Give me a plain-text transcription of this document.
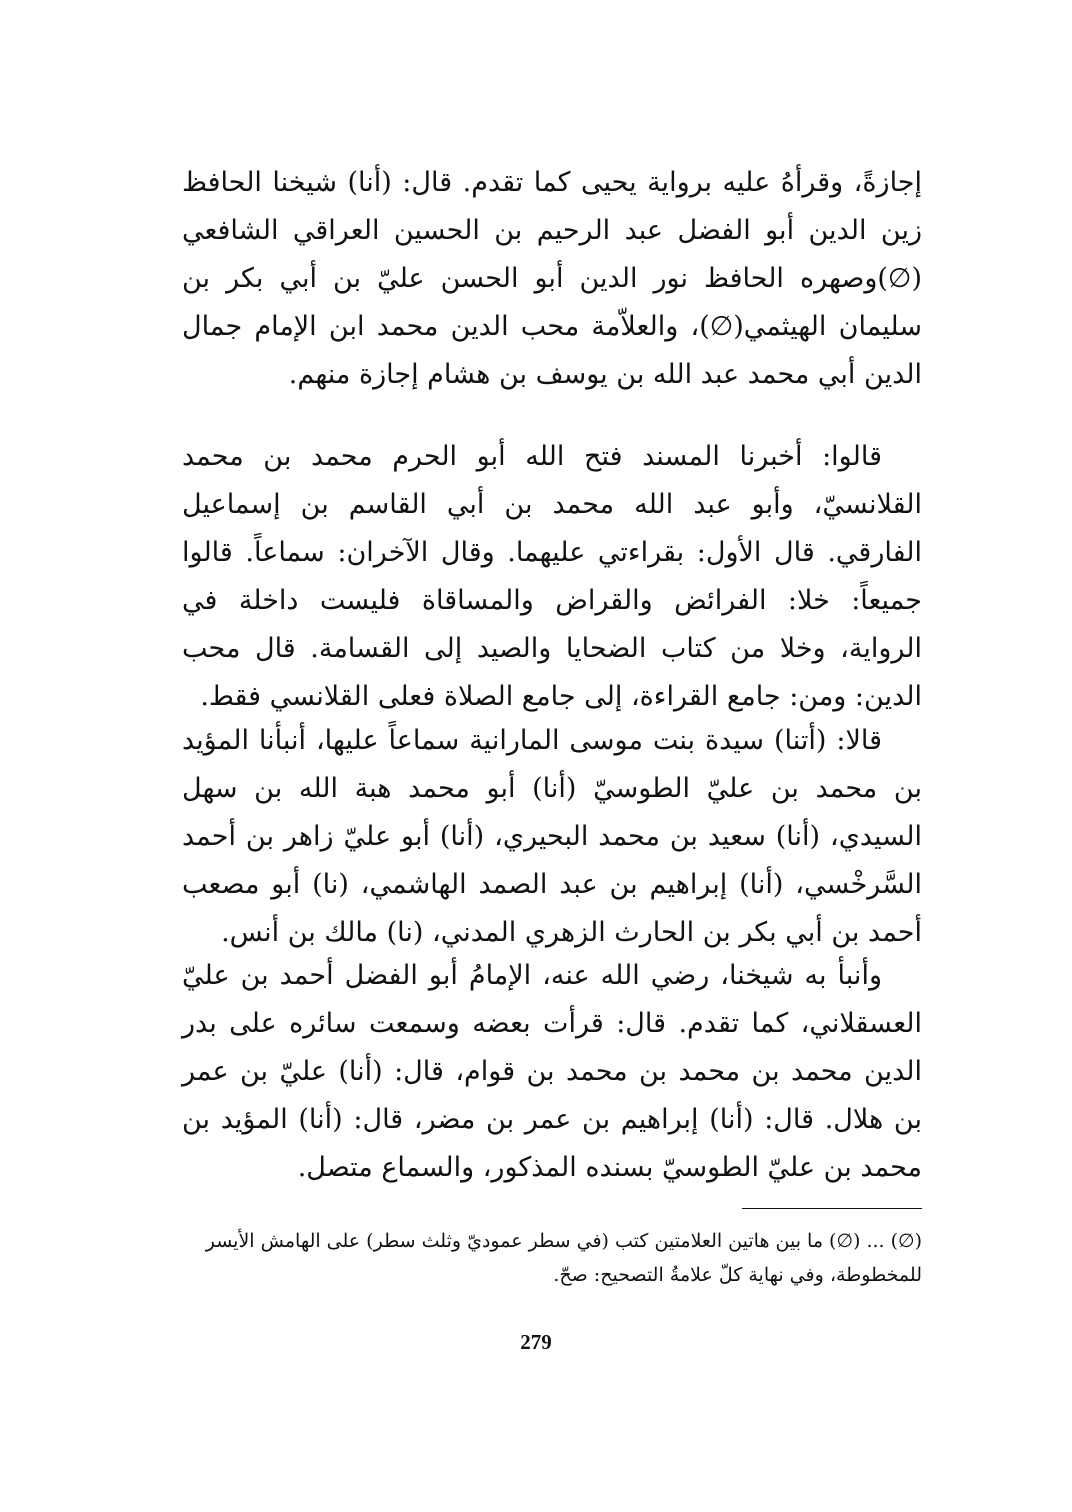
إجازةً، وقرأهُ عليه برواية يحيى كما تقدم. قال: (أنا) شيخنا الحافظ زين الدين أبو الفضل عبد الرحيم بن الحسين العراقي الشافعي (∅)وصهره الحافظ نور الدين أبو الحسن عليّ بن أبي بكر بن سليمان الهيثمي(∅)، والعلاّمة محب الدين محمد ابن الإمام جمال الدين أبي محمد عبد الله بن يوسف بن هشام إجازة منهم.
قالوا: أخبرنا المسند فتح الله أبو الحرم محمد بن محمد القلانسيّ، وأبو عبد الله محمد بن أبي القاسم بن إسماعيل الفارقي. قال الأول: بقراءتي عليهما. وقال الآخران: سماعاً. قالوا جميعاً: خلا: الفرائض والقراض والمساقاة فليست داخلة في الرواية، وخلا من كتاب الضحايا والصيد إلى القسامة. قال محب الدين: ومن: جامع القراءة، إلى جامع الصلاة فعلى القلانسي فقط.
قالا: (أتنا) سيدة بنت موسى المارانية سماعاً عليها، أنبأنا المؤيد بن محمد بن عليّ الطوسيّ (أنا) أبو محمد هبة الله بن سهل السيدي، (أنا) سعيد بن محمد البحيري، (أنا) أبو عليّ زاهر بن أحمد السَّرخْسي، (أنا) إبراهيم بن عبد الصمد الهاشمي، (نا) أبو مصعب أحمد بن أبي بكر بن الحارث الزهري المدني، (نا) مالك بن أنس.
وأنبأ به شيخنا، رضي الله عنه، الإمامُ أبو الفضل أحمد بن عليّ العسقلاني، كما تقدم. قال: قرأت بعضه وسمعت سائره على بدر الدين محمد بن محمد بن محمد بن قوام، قال: (أنا) عليّ بن عمر بن هلال. قال: (أنا) إبراهيم بن عمر بن مضر، قال: (أنا) المؤيد بن محمد بن عليّ الطوسيّ بسنده المذكور، والسماع متصل.
(∅) ... (∅) ما بين هاتين العلامتين كتب (في سطر عموديّ وثلث سطر) على الهامش الأيسر للمخطوطة، وفي نهاية كلّ علامةُ التصحيح: صحّ.
279
